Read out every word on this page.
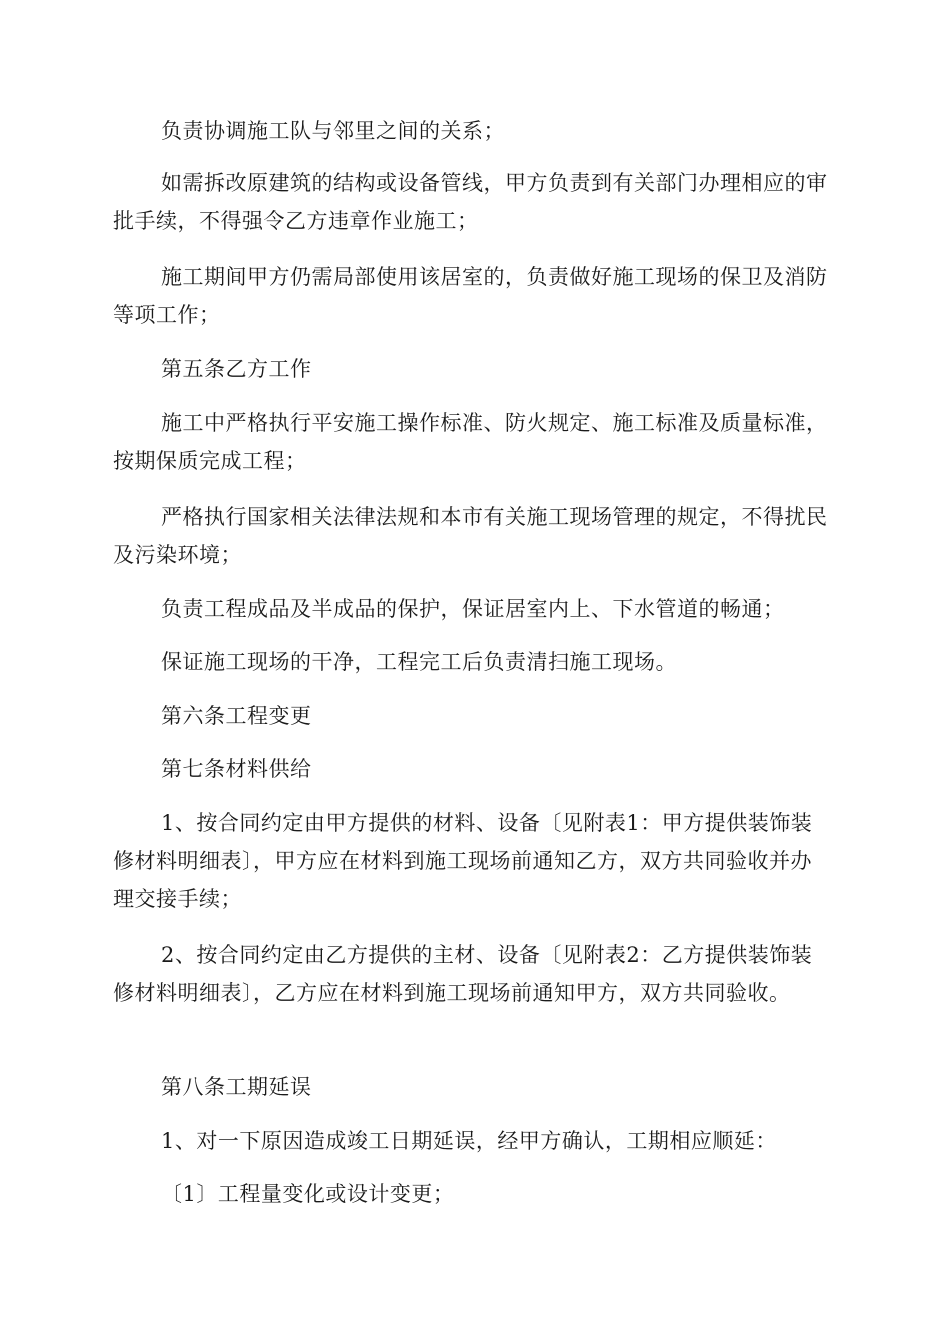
负责协调施工队与邻里之间的关系；

如需拆改原建筑的结构或设备管线，甲方负责到有关部门办理相应的审批手续，不得强令乙方违章作业施工；

施工期间甲方仍需局部使用该居室的，负责做好施工现场的保卫及消防等项工作；

第五条乙方工作

施工中严格执行平安施工操作标准、防火规定、施工标准及质量标准，按期保质完成工程；

严格执行国家相关法律法规和本市有关施工现场管理的规定，不得扰民及污染环境；

负责工程成品及半成品的保护，保证居室内上、下水管道的畅通；

保证施工现场的干净，工程完工后负责清扫施工现场。

第六条工程变更

第七条材料供给

1、按合同约定由甲方提供的材料、设备〔见附表1：甲方提供装饰装修材料明细表〕，甲方应在材料到施工现场前通知乙方，双方共同验收并办理交接手续；

2、按合同约定由乙方提供的主材、设备〔见附表2：乙方提供装饰装修材料明细表〕，乙方应在材料到施工现场前通知甲方，双方共同验收。

第八条工期延误

1、对一下原因造成竣工日期延误，经甲方确认，工期相应顺延：

〔1〕工程量变化或设计变更；
